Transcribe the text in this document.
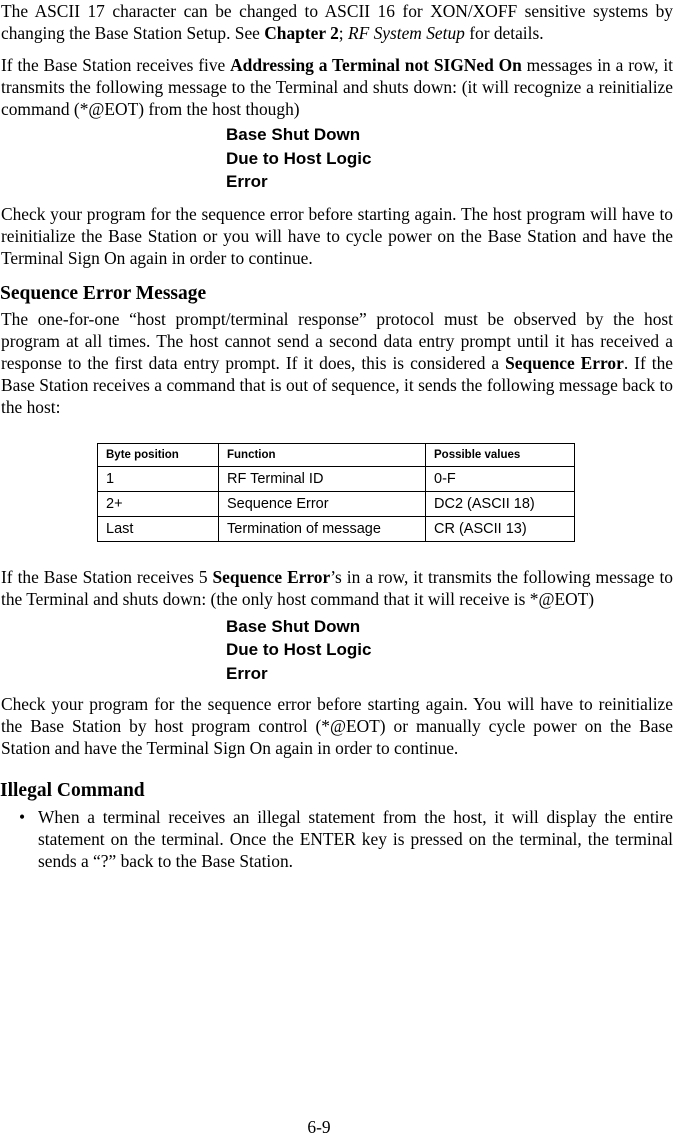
The ASCII 17 character can be changed to ASCII 16 for XON/XOFF sensitive systems by changing the Base Station Setup. See Chapter 2; RF System Setup for details.

If the Base Station receives five Addressing a Terminal not SIGNed On messages in a row, it transmits the following message to the Terminal and shuts down: (it will recognize a reinitialize command (*@EOT) from the host though)

Base Shut Down
Due to Host Logic
Error

Check your program for the sequence error before starting again. The host program will have to reinitialize the Base Station or you will have to cycle power on the Base Station and have the Terminal Sign On again in order to continue.

Sequence Error Message

The one-for-one “host prompt/terminal response” protocol must be observed by the host program at all times. The host cannot send a second data entry prompt until it has received a response to the first data entry prompt. If it does, this is considered a Sequence Error. If the Base Station receives a command that is out of sequence, it sends the following message back to the host:

Byte position	Function	Possible values
1	RF Terminal ID	0-F
2+	Sequence Error	DC2 (ASCII 18)
Last	Termination of message	CR (ASCII 13)

If the Base Station receives 5 Sequence Error’s in a row, it transmits the following message to the Terminal and shuts down: (the only host command that it will receive is *@EOT)

Base Shut Down
Due to Host Logic
Error

Check your program for the sequence error before starting again. You will have to reinitialize the Base Station by host program control (*@EOT) or manually cycle power on the Base Station and have the Terminal Sign On again in order to continue.

Illegal Command
• When a terminal receives an illegal statement from the host, it will display the entire statement on the terminal. Once the ENTER key is pressed on the terminal, the terminal sends a “?” back to the Base Station.
6-9
